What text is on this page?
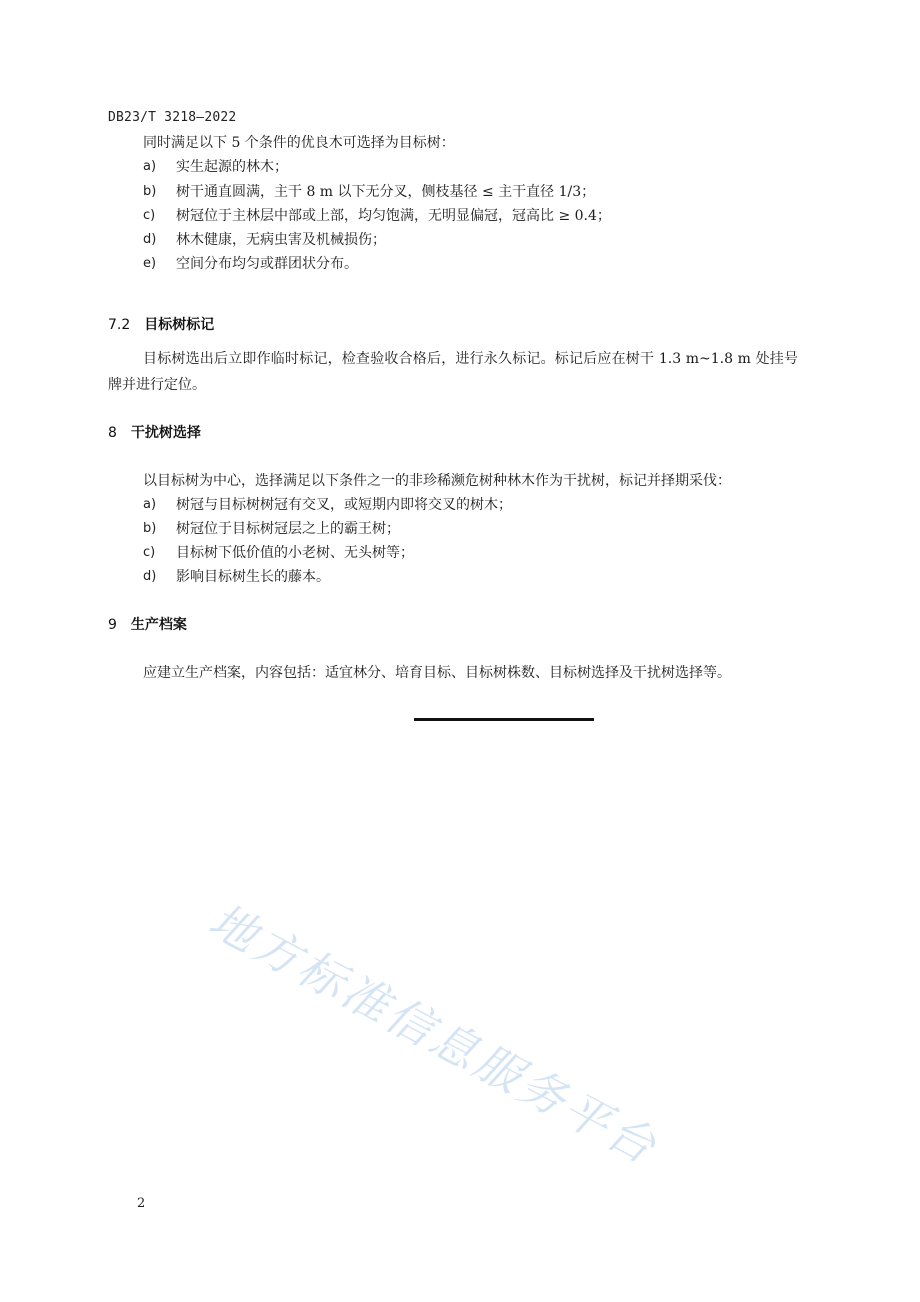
DB23/T 3218—2022
同时满足以下 5 个条件的优良木可选择为目标树：
a) 实生起源的林木；
b) 树干通直圆满，主干 8 m 以下无分叉，侧枝基径 ≤ 主干直径 1/3；
c) 树冠位于主林层中部或上部，均匀饱满，无明显偏冠，冠高比 ≥ 0.4；
d) 林木健康，无病虫害及机械损伤；
e) 空间分布均匀或群团状分布。
7.2 目标树标记
目标树选出后立即作临时标记，检查验收合格后，进行永久标记。标记后应在树干 1.3 m~1.8 m 处挂号牌并进行定位。
8 干扰树选择
以目标树为中心，选择满足以下条件之一的非珍稀濒危树种林木作为干扰树，标记并择期采伐：
a) 树冠与目标树树冠有交叉，或短期内即将交叉的树木；
b) 树冠位于目标树冠层之上的霸王树；
c) 目标树下低价值的小老树、无头树等；
d) 影响目标树生长的藤本。
9 生产档案
应建立生产档案，内容包括：适宜林分、培育目标、目标树株数、目标树选择及干扰树选择等。
地方标准信息服务平台
2
